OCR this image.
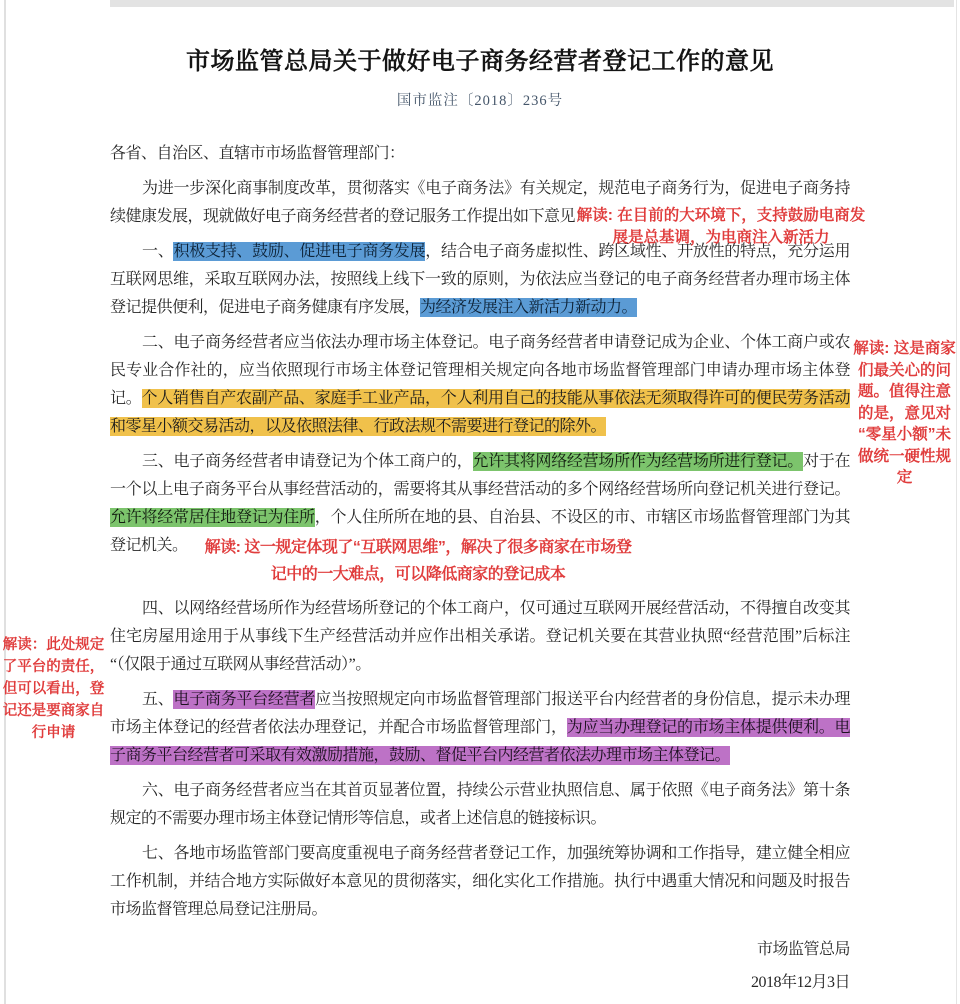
市场监管总局关于做好电子商务经营者登记工作的意见
国市监注〔2018〕236号
各省、自治区、直辖市市场监督管理部门：

为进一步深化商事制度改革，贯彻落实《电子商务法》有关规定，规范电子商务行为，促进电子商务持续健康发展，现就做好电子商务经营者的登记服务工作提出如下意见：

一、积极支持、鼓励、促进电子商务发展，结合电子商务虚拟性、跨区域性、开放性的特点，充分运用互联网思维，采取互联网办法，按照线上线下一致的原则，为依法应当登记的电子商务经营者办理市场主体登记提供便利，促进电子商务健康有序发展，为经济发展注入新活力新动力。

二、电子商务经营者应当依法办理市场主体登记。电子商务经营者申请登记成为企业、个体工商户或农民专业合作社的，应当依照现行市场主体登记管理相关规定向各地市场监督管理部门申请办理市场主体登记。个人销售自产农副产品、家庭手工业产品，个人利用自己的技能从事依法无须取得许可的便民劳务活动和零星小额交易活动，以及依照法律、行政法规不需要进行登记的除外。

三、电子商务经营者申请登记为个体工商户的，允许其将网络经营场所作为经营场所进行登记。对于在一个以上电子商务平台从事经营活动的，需要将其从事经营活动的多个网络经营场所向登记机关进行登记。允许将经常居住地登记为住所，个人住所所在地的县、自治县、不设区的市、市辖区市场监督管理部门为其登记机关。	解读: 这一规定体现了“互联网思维”，解决了很多商家在市场登记中的一大难点，可以降低商家的登记成本

四、以网络经营场所作为经营场所登记的个体工商户，仅可通过互联网开展经营活动，不得擅自改变其住宅房屋用途用于从事线下生产经营活动并应作出相关承诺。登记机关要在其营业执照“经营范围”后标注“（仅限于通过互联网从事经营活动）”。

五、电子商务平台经营者应当按照规定向市场监督管理部门报送平台内经营者的身份信息，提示未办理市场主体登记的经营者依法办理登记，并配合市场监督管理部门，为应当办理登记的市场主体提供便利。电子商务平台经营者可采取有效激励措施，鼓励、督促平台内经营者依法办理市场主体登记。

六、电子商务经营者应当在其首页显著位置，持续公示营业执照信息、属于依照《电子商务法》第十条规定的不需要办理市场主体登记情形等信息，或者上述信息的链接标识。

七、各地市场监管部门要高度重视电子商务经营者登记工作，加强统筹协调和工作指导，建立健全相应工作机制，并结合地方实际做好本意见的贯彻落实，细化实化工作措施。执行中遇重大情况和问题及时报告市场监督管理总局登记注册局。

市场监管总局
2018年12月3日
解读: 在目前的大环境下，支持鼓励电商发展是总基调，为电商注入新活力
解读: 这是商家们最关心的问题。值得注意的是，意见对“零星小额”未做统一硬性规定
解读：此处规定了平台的责任，但可以看出，登记还是要商家自行申请
